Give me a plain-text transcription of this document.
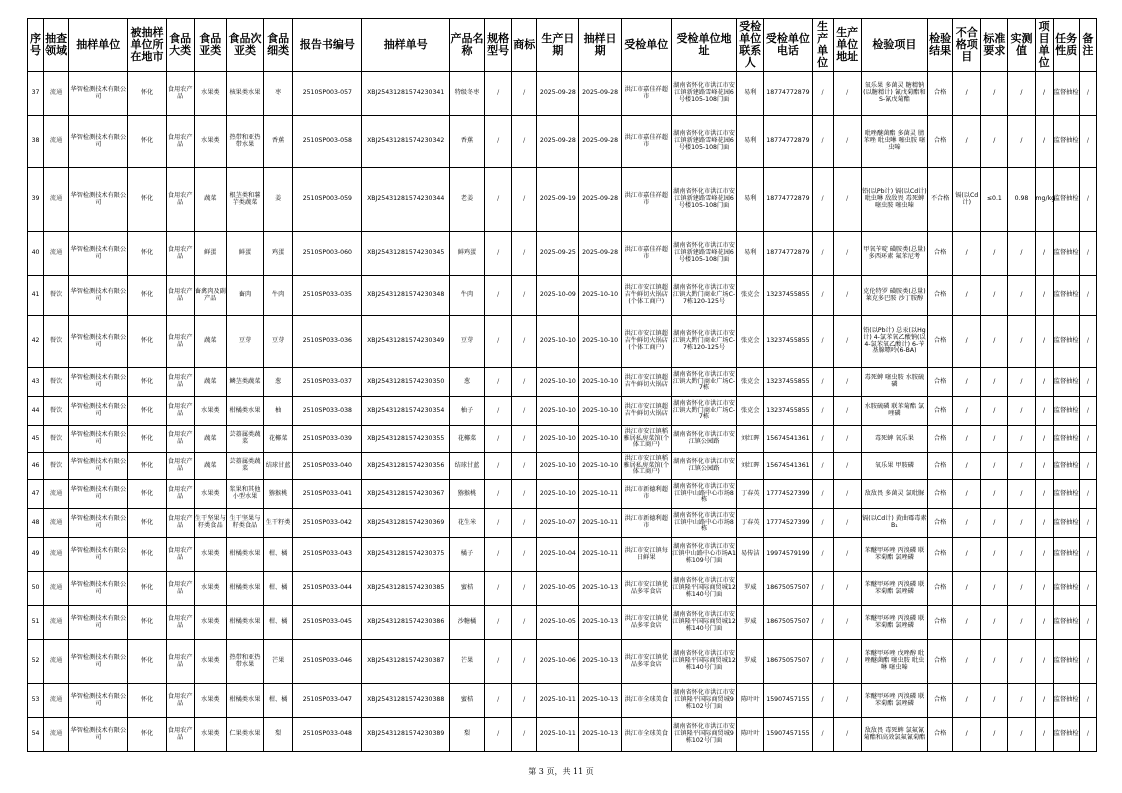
序号	抽查领域	抽样单位	被抽样单位所在地市	食品大类	食品亚类	食品次亚类	食品细类	报告书编号	抽样单号	产品名称	规格型号	商标	生产日期	抽样日期	受检单位	受检单位地址	受检单位联系人	受检单位电话	生产单位	生产单位地址	检验项目	检验结果	不合格项目	标准要求	实测值	项目单位	任务性质	备注
37	流通	华智检测技术有限公司	怀化	食用农产品	水果类	核果类水果	枣	2510SP003-057	XBJ25431281574230341	特级冬枣	/	/	2025-09-28	2025-09-28	洪江市嘉佳祥超市	湖南省怀化市洪江市安江镇新建路雪峰花园6号楼105-108门面	易利	18774772879	/	/	氧乐果 多菌灵 糖精钠(以糖精计) 氰戊菊酯和S-氰戊菊酯	合格	/	/	/	/	监督抽检	/
38	流通	华智检测技术有限公司	怀化	食用农产品	水果类	热带和亚热带水果	香蕉	2510SP003-058	XBJ25431281574230342	香蕉	/	/	2025-09-28	2025-09-28	洪江市嘉佳祥超市	湖南省怀化市洪江市安江镇新建路雪峰花园6号楼105-108门面	易利	18774772879	/	/	吡唑醚菌酯 多菌灵 腈苯唑 吡虫啉 噻虫胺 噻虫嗪	合格	/	/	/	/	监督抽检	/
39	流通	华智检测技术有限公司	怀化	食用农产品	蔬菜	根茎类和薯芋类蔬菜	姜	2510SP003-059	XBJ25431281574230344	老姜	/	/	2025-09-19	2025-09-28	洪江市嘉佳祥超市	湖南省怀化市洪江市安江镇新建路雪峰花园6号楼105-108门面	易利	18774772879	/	/	铅(以Pb计) 镉(以Cd计) 吡虫啉 敌敌畏 毒死蜱 噻虫胺 噻虫嗪	不合格	镉(以Cd计)	≤0.1	0.98	mg/kg	监督抽检	/
40	流通	华智检测技术有限公司	怀化	食用农产品	鲜蛋	鲜蛋	鸡蛋	2510SP003-060	XBJ25431281574230345	鲜鸡蛋	/	/	2025-09-25	2025-09-28	洪江市嘉佳祥超市	湖南省怀化市洪江市安江镇新建路雪峰花园6号楼105-108门面	易利	18774772879	/	/	甲氧苄啶 磺胺类(总量) 多西环素 氟苯尼考	合格	/	/	/	/	监督抽检	/
41	餐饮	华智检测技术有限公司	怀化	食用农产品	畜禽肉及副产品	畜肉	牛肉	2510SP033-035	XBJ25431281574230348	牛肉	/	/	2025-10-09	2025-10-10	洪江市安江镇超吉牛鲜切火锅店(个体工商户)	湖南省怀化市洪江市安江镇大黔门商业广场C-7栋120-125号	张克会	13237455855	/	/	克伦特罗 磺胺类(总量) 莱克多巴胺 沙丁胺醇	合格	/	/	/	/	监督抽检	/
42	餐饮	华智检测技术有限公司	怀化	食用农产品	蔬菜	豆芽	豆芽	2510SP033-036	XBJ25431281574230349	豆芽	/	/	2025-10-10	2025-10-10	洪江市安江镇超吉牛鲜切火锅店(个体工商户)	湖南省怀化市洪江市安江镇大黔门商业广场C-7栋120-125号	张克会	13237455855	/	/	铅(以Pb计) 总汞(以Hg计) 4-氯苯氧乙酸钠(以4-氯苯氧乙酸计) 6-苄基腺嘌呤(6-BA)	合格	/	/	/	/	监督抽检	/
43	餐饮	华智检测技术有限公司	怀化	食用农产品	蔬菜	鳞茎类蔬菜	葱	2510SP033-037	XBJ25431281574230350	葱	/	/	2025-10-10	2025-10-10	洪江市安江镇超吉牛鲜切火锅店	湖南省怀化市洪江市安江镇大黔门商业广场C-7栋	张克会	13237455855	/	/	毒死蜱 噻虫胺 水胺硫磷	合格	/	/	/	/	监督抽检	/
44	餐饮	华智检测技术有限公司	怀化	食用农产品	水果类	柑橘类水果	柚	2510SP033-038	XBJ25431281574230354	柚子	/	/	2025-10-10	2025-10-10	洪江市安江镇超吉牛鲜切火锅店	湖南省怀化市洪江市安江镇大黔门商业广场C-7栋	张克会	13237455855	/	/	水胺硫磷 联苯菊酯 氯唑磷	合格	/	/	/	/	监督抽检	/
45	餐饮	华智检测技术有限公司	怀化	食用农产品	蔬菜	芸薹属类蔬菜	花椰菜	2510SP033-039	XBJ25431281574230355	花椰菜	/	/	2025-10-10	2025-10-10	洪江市安江镇稻雅居私房菜馆(个体工商户)	湖南省怀化市洪江市安江镇公园路	刘红晖	15674541361	/	/	毒死蜱 氧乐果	合格	/	/	/	/	监督抽检	/
46	餐饮	华智检测技术有限公司	怀化	食用农产品	蔬菜	芸薹属类蔬菜	结球甘蓝	2510SP033-040	XBJ25431281574230356	结球甘蓝	/	/	2025-10-10	2025-10-10	洪江市安江镇稻雅居私房菜馆(个体工商户)	湖南省怀化市洪江市安江镇公园路	刘红晖	15674541361	/	/	氧乐果 甲胺磷	合格	/	/	/	/	监督抽检	/
47	流通	华智检测技术有限公司	怀化	食用农产品	水果类	浆果和其他小型水果	猕猴桃	2510SP033-041	XBJ25431281574230367	猕猴桃	/	/	2025-10-10	2025-10-11	洪江市新德利超市	湖南省怀化市洪江市安江镇中山路中心市场8栋	丁春英	17774527399	/	/	敌敌畏 多菌灵 氯吡脲	合格	/	/	/	/	监督抽检	/
48	流通	华智检测技术有限公司	怀化	食用农产品	生干坚果与籽类食品	生干坚果与籽类食品	生干籽类	2510SP033-042	XBJ25431281574230369	花生米	/	/	2025-10-07	2025-10-11	洪江市新德利超市	湖南省怀化市洪江市安江镇中山路中心市场8栋	丁春英	17774527399	/	/	镉(以Cd计) 黄曲霉毒素B₁	合格	/	/	/	/	监督抽检	/
49	流通	华智检测技术有限公司	怀化	食用农产品	水果类	柑橘类水果	柑、橘	2510SP033-043	XBJ25431281574230375	橘子	/	/	2025-10-04	2025-10-11	洪江市安江镇每日鲜果	湖南省怀化市洪江市安江镇中山路中心市场A1栋109号门面	易传洁	19974579199	/	/	苯醚甲环唑 丙溴磷 联苯菊酯 氯唑磷	合格	/	/	/	/	监督抽检	/
50	流通	华智检测技术有限公司	怀化	食用农产品	水果类	柑橘类水果	柑、橘	2510SP033-044	XBJ25431281574230385	蜜桔	/	/	2025-10-05	2025-10-13	洪江市安江镇优品多零食店	湖南省怀化市洪江市安江镇隆平国际商贸城12栋140号门面	罗威	18675057507	/	/	苯醚甲环唑 丙溴磷 联苯菊酯 氯唑磷	合格	/	/	/	/	监督抽检	/
51	流通	华智检测技术有限公司	怀化	食用农产品	水果类	柑橘类水果	柑、橘	2510SP033-045	XBJ25431281574230386	沙糖橘	/	/	2025-10-05	2025-10-13	洪江市安江镇优品多零食店	湖南省怀化市洪江市安江镇隆平国际商贸城12栋140号门面	罗威	18675057507	/	/	苯醚甲环唑 丙溴磷 联苯菊酯 氯唑磷	合格	/	/	/	/	监督抽检	/
52	流通	华智检测技术有限公司	怀化	食用农产品	水果类	热带和亚热带水果	芒果	2510SP033-046	XBJ25431281574230387	芒果	/	/	2025-10-06	2025-10-13	洪江市安江镇优品多零食店	湖南省怀化市洪江市安江镇隆平国际商贸城12栋140号门面	罗威	18675057507	/	/	苯醚甲环唑 戊唑醇 吡唑醚菌酯 噻虫胺 吡虫啉 噻虫嗪	合格	/	/	/	/	监督抽检	/
53	流通	华智检测技术有限公司	怀化	食用农产品	水果类	柑橘类水果	柑、橘	2510SP033-047	XBJ25431281574230388	蜜桔	/	/	2025-10-11	2025-10-13	洪江市全球美食	湖南省怀化市洪江市安江镇隆平国际商贸城9栋102号门面	陈叶叶	15907457155	/	/	苯醚甲环唑 丙溴磷 联苯菊酯 氯唑磷	合格	/	/	/	/	监督抽检	/
54	流通	华智检测技术有限公司	怀化	食用农产品	水果类	仁果类水果	梨	2510SP033-048	XBJ25431281574230389	梨	/	/	2025-10-11	2025-10-13	洪江市全球美食	湖南省怀化市洪江市安江镇隆平国际商贸城9栋102号门面	陈叶叶	15907457155	/	/	敌敌畏 毒死蜱 氯氟氰菊酯和高效氯氟氰菊酯	合格	/	/	/	/	监督抽检	/
第 3 页，共 11 页
